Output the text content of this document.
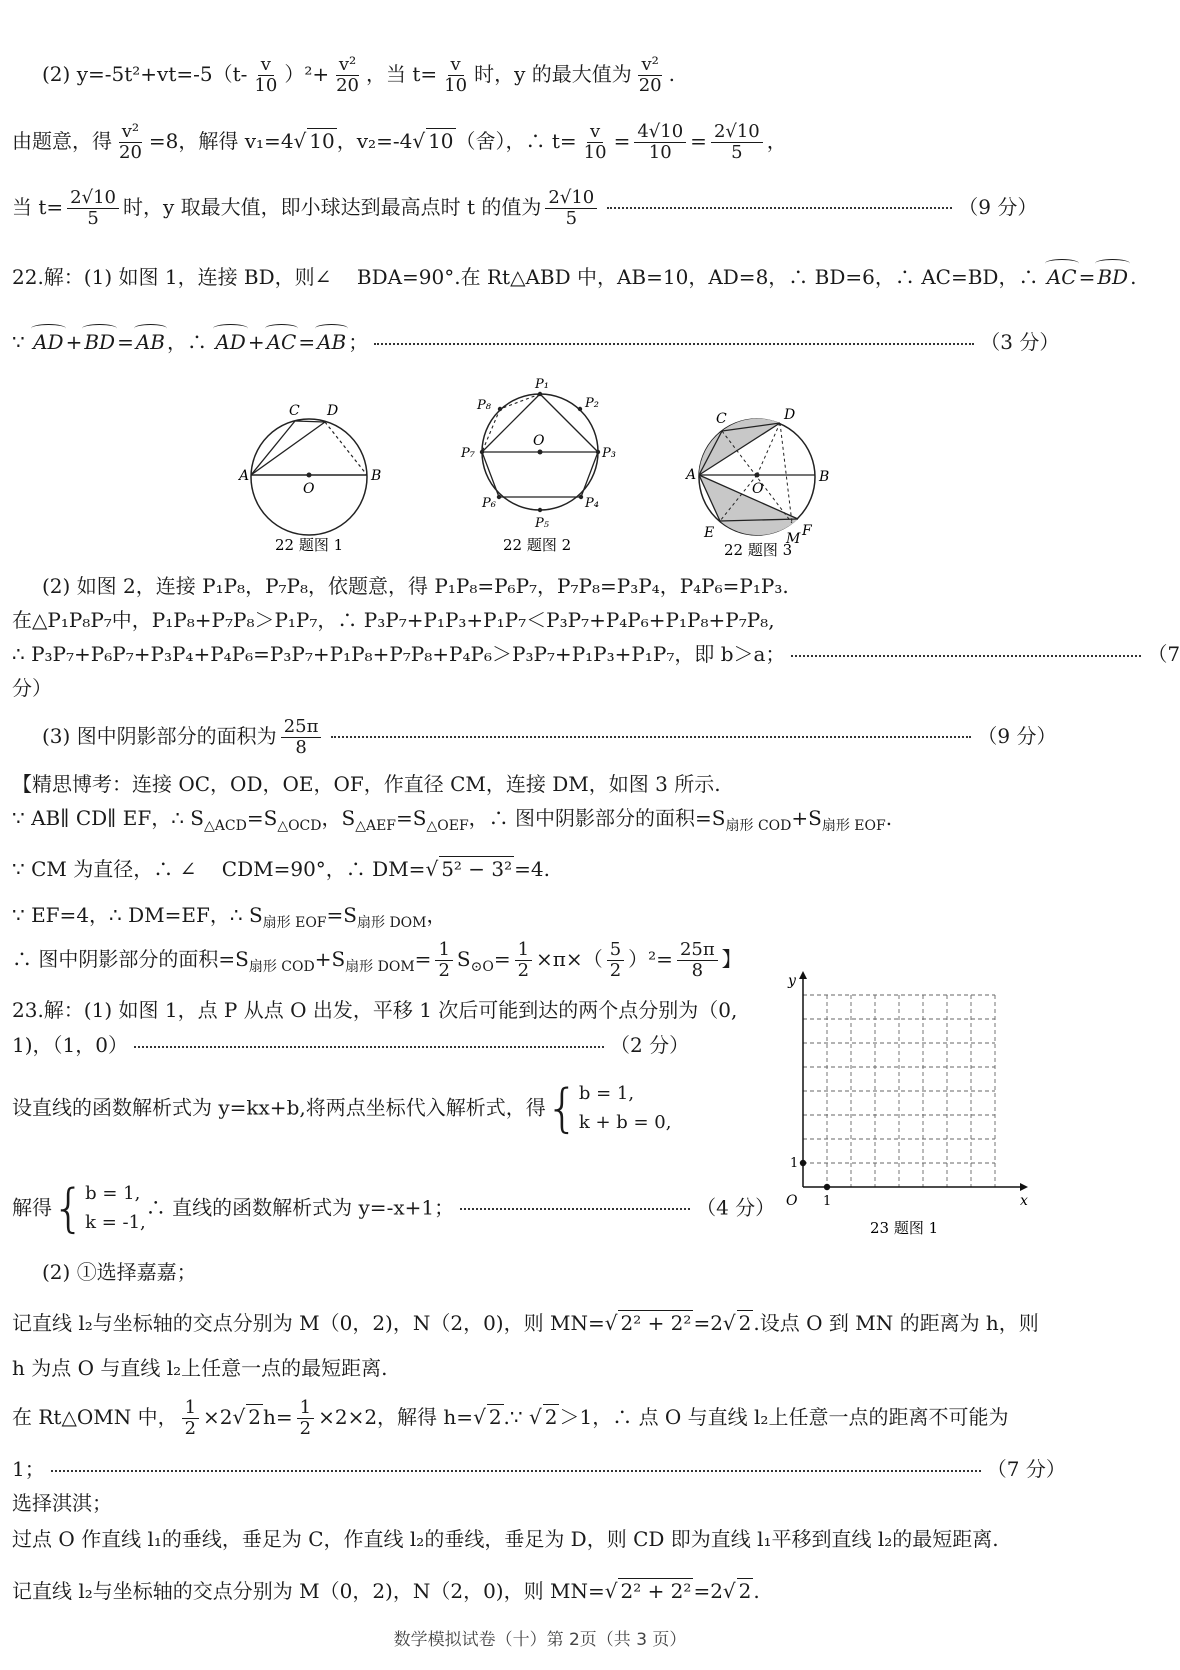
(2) $y=-5t^2+vt=-5(t- \frac{v}{10} )^2+ \frac{\text{v²}}{20}$ ，当 $t= \frac{v}{10}$ 时，y 的最大值为 $\frac{\text{v²}}{20}$ .
由题意，得 $\frac{\text{v²}}{20} =8$，解得 v₁=4√ 10 ，v₂=-4√ 10 （舍），∴ $t= \frac{v}{10} = \frac{4√10}{10} = \frac{2√10}{5}$ ，
当 $t= \frac{2√10}{5}$ 时，y 取最大值，即小球达到最高点时 t 的值为 $\frac{2√10}{5}$	（9 分）
22.解：(1) 如图 1，连接 BD，则∠ BDA=90°.在 Rt△ABD 中，AB=10，AD=8，∴ BD=6，∴ AC=BD，∴ AC = BD .
∵ AD + BD = AB ，∴ AD + AC = AB ；	（3 分）
A	B
C D
O
22 题图 1
P₁
P₂
P₃
P₄
P₅
P₆
P₇
P₈
O
22 题图 2
C	D
A	B
E	F
M
O
22 题图 3
(2) 如图 2，连接 P₁P₈，P₇P₈，依题意，得 P₁P₈=P₆P₇，P₇P₈=P₃P₄，P₄P₆=P₁P₃.
在△P₁P₈P₇中，P₁P₈+P₇P₈＞P₁P₇，∴ P₃P₇+P₁P₃+P₁P₇＜P₃P₇+P₄P₆+P₁P₈+P₇P₈,
∴ P₃P₇+P₆P₇+P₃P₄+P₄P₆=P₃P₇+P₁P₈+P₇P₈+P₄P₆＞P₃P₇+P₁P₃+P₁P₇，即 b＞a；	（7
分）
(3) 图中阴影部分的面积为 $\frac{25\pi}{8}$	（9 分）
【精思博考：连接 OC，OD，OE，OF，作直径 CM，连接 DM，如图 3 所示.
∵ AB∥ CD∥ EF，∴ $S_{\triangle ACD}=S_{\triangle OCD}$，$S_{\triangle AEF}=S_{\triangle OEF}$，∴ 图中阴影部分的面积$=S_{扇形 COD}+S_{扇形 EOF}$.
∵ CM 为直径，∴ ∠ CDM=90°，∴ DM=√ 5² − 3² =4.
∵ EF=4，∴ DM=EF，∴ $S_{扇形 EOF}=S_{扇形 DOM}$，
∴ 图中阴影部分的面积$=S_{扇形 COD}+S_{扇形 DOM}= \frac{1}{2} S_{⊙O}= \frac{1}{2} \times\pi\times( \frac{5}{2} )^2= \frac{25\pi}{8}$ 】
23.解：(1) 如图 1，点 P 从点 O 出发，平移 1 次后可能到达的两个点分别为（0,
1)，（1，0）	（2 分）
设直线的函数解析式为 y=kx+b,将两点坐标代入解析式，得 { b = 1,
k + b = 0,
解得 { b = 1,
k = -1,
∴ 直线的函数解析式为 y=-x+1；	（4 分）
y
x
O 1
1
23 题图 1
(2) ①选择嘉嘉；
记直线 l₂与坐标轴的交点分别为 M（0，2)，N（2，0)，则 MN=√ 2² + 2² =2√ 2 .设点 O 到 MN 的距离为 h，则
h 为点 O 与直线 l₂上任意一点的最短距离.
在 Rt△OMN 中， $\frac{1}{2} \times 2√$ 2 $h= \frac{1}{2} \times 2\times 2$，解得 h=√ 2 .∵ √ 2 ＞1，∴ 点 O 与直线 l₂上任意一点的距离不可能为
1；	（7 分）
选择淇淇；
过点 O 作直线 l₁的垂线，垂足为 C，作直线 l₂的垂线，垂足为 D，则 CD 即为直线 l₁平移到直线 l₂的最短距离.
记直线 l₂与坐标轴的交点分别为 M（0，2)，N（2，0)，则 MN=√ 2² + 2² =2√ 2 .
数学模拟试卷（十）第 2页（共 3 页）
